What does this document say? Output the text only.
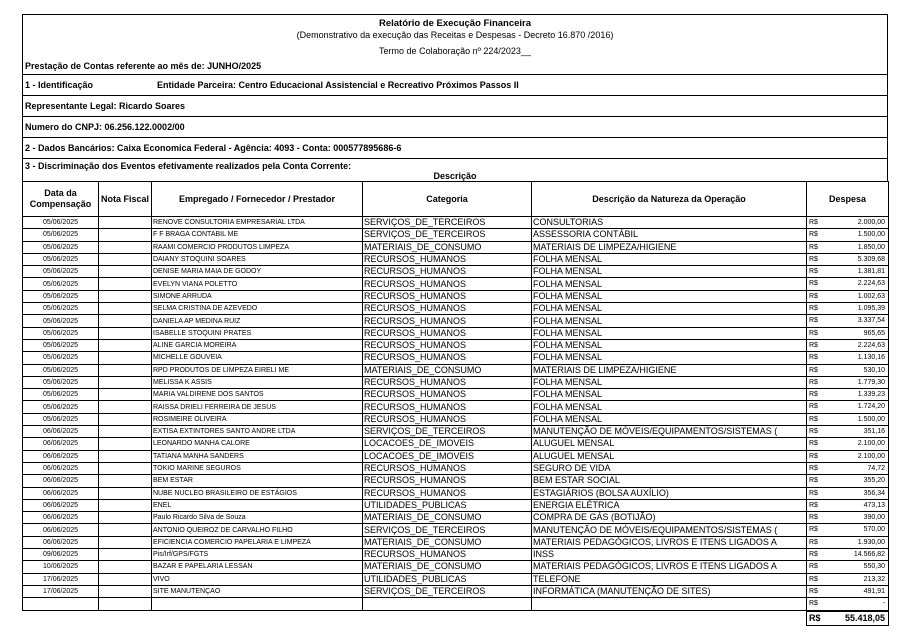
Relatório de Execução Financeira
(Demonstrativo da execução das Receitas e Despesas - Decreto 16.870 /2016)
Termo de Colaboração nº 224/2023__
Prestação de Contas referente ao mês de: JUNHO/2025
1 - Identificação	Entidade Parceira: Centro Educacional Assistencial e Recreativo Próximos Passos II
Representante Legal: Ricardo Soares
Numero do CNPJ: 06.256.122.0002/00
2 - Dados Bancários: Caixa Economica Federal - Agência: 4093 - Conta: 000577895686-6
3 - Discriminação dos Eventos efetivamente realizados pela Conta Corrente:
Descrição
Data da Compensação	Nota Fiscal	Empregado / Fornecedor / Prestador	Categoria	Descrição da Natureza da Operação	Despesa
05/06/2025		RENOVE CONSULTORIA EMPRESARIAL LTDA	SERVIÇOS_DE_TERCEIROS	CONSULTORIAS	R$ 2.000,00

05/06/2025		F F BRAGA CONTABIL ME	SERVIÇOS_DE_TERCEIROS	ASSESSORIA CONTÁBIL	R$ 1.500,00

05/06/2025		RAAMI COMERCIO PRODUTOS LIMPEZA	MATERIAIS_DE_CONSUMO	MATERIAIS DE LIMPEZA/HIGIENE	R$ 1.850,00

05/06/2025		DAIANY STOQUINI SOARES	RECURSOS_HUMANOS	FOLHA MENSAL	R$ 5.309,68

05/06/2025		DENISE MARIA MAIA DE GODOY	RECURSOS_HUMANOS	FOLHA MENSAL	R$ 1.381,81

05/06/2025		EVELYN VIANA POLETTO	RECURSOS_HUMANOS	FOLHA MENSAL	R$ 2.224,63

05/06/2025		SIMONE ARRUDA	RECURSOS_HUMANOS	FOLHA MENSAL	R$ 1.002,63

05/06/2025		SELMA CRISTINA DE AZEVEDO	RECURSOS_HUMANOS	FOLHA MENSAL	R$ 1.095,39

05/06/2025		DANIELA AP MEDINA RUIZ	RECURSOS_HUMANOS	FOLHA MENSAL	R$ 3.337,54

05/06/2025		ISABELLE STOQUINI PRATES	RECURSOS_HUMANOS	FOLHA MENSAL	R$ 965,65

05/06/2025		ALINE GARCIA MOREIRA	RECURSOS_HUMANOS	FOLHA MENSAL	R$ 2.224,63

05/06/2025		MICHELLE GOUVEIA	RECURSOS_HUMANOS	FOLHA MENSAL	R$ 1.130,16

05/06/2025		RPD PRODUTOS DE LIMPEZA EIRELI ME	MATERIAIS_DE_CONSUMO	MATERIAIS DE LIMPEZA/HIGIENE	R$ 530,10

05/06/2025		MELISSA K ASSIS	RECURSOS_HUMANOS	FOLHA MENSAL	R$ 1.779,30

05/06/2025		MARIA VALDIRENE DOS SANTOS	RECURSOS_HUMANOS	FOLHA MENSAL	R$ 1.339,23

05/06/2025		RAISSA DRIELI FERREIRA DE JESUS	RECURSOS_HUMANOS	FOLHA MENSAL	R$ 1.724,20

05/06/2025		ROSIMEIRE OLIVEIRA	RECURSOS_HUMANOS	FOLHA MENSAL	R$ 1.500,00

06/06/2025		EXTISA EXTINTORES SANTO ANDRE LTDA	SERVIÇOS_DE_TERCEIROS	MANUTENÇÃO DE MÓVEIS/EQUIPAMENTOS/SISTEMAS (	R$ 351,16

06/06/2025		LEONARDO MANHA CALORE	LOCACOES_DE_IMOVEIS	ALUGUEL MENSAL	R$ 2.100,00

06/06/2025		TATIANA MANHA SANDERS	LOCACOES_DE_IMOVEIS	ALUGUEL MENSAL	R$ 2.100,00

06/06/2025		TOKIO MARINE SEGUROS	RECURSOS_HUMANOS	SEGURO DE VIDA	R$ 74,72

06/06/2025		BEM ESTAR	RECURSOS_HUMANOS	BEM ESTAR SOCIAL	R$ 355,20

06/06/2025		NUBE NUCLEO BRASILEIRO DE ESTÁGIOS	RECURSOS_HUMANOS	ESTAGIÁRIOS (BOLSA AUXÍLIO)	R$ 356,34

06/06/2025		ENEL	UTILIDADES_PUBLICAS	ENERGIA ELÉTRICA	R$ 473,13

06/06/2025		Paulo Ricardo Silva de Souza	MATERIAIS_DE_CONSUMO	COMPRA DE GÁS (BOTIJÃO)	R$ 390,00

06/06/2025		ANTONIO QUEIROZ DE CARVALHO FILHO	SERVIÇOS_DE_TERCEIROS	MANUTENÇÃO DE MÓVEIS/EQUIPAMENTOS/SISTEMAS (	R$ 570,00

06/06/2025		EFICIENCIA COMERCIO PAPELARIA E LIMPEZA	MATERIAIS_DE_CONSUMO	MATERIAIS PEDAGÓGICOS, LIVROS E ITENS LIGADOS A	R$ 1.930,00

09/06/2025		Pis/Irf/GPS/FGTS	RECURSOS_HUMANOS	INSS	R$ 14.566,82

10/06/2025		BAZAR E PAPELARIA LESSAN	MATERIAIS_DE_CONSUMO	MATERIAIS PEDAGÓGICOS, LIVROS E ITENS LIGADOS A	R$ 550,30

17/06/2025		VIVO	UTILIDADES_PUBLICAS	TELEFONE	R$ 213,32

17/06/2025		SITE MANUTENÇAO	SERVIÇOS_DE_TERCEIROS	INFORMÁTICA (MANUTENÇÃO DE SITES)	R$ 491,91

					R$ -

					R$ 55.418,05
